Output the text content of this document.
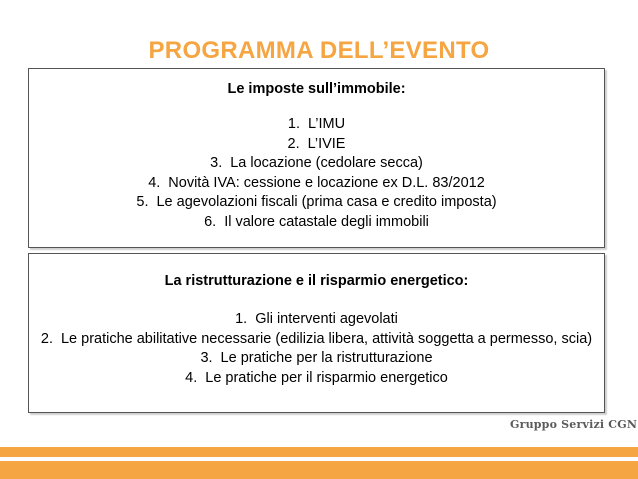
PROGRAMMA DELL’EVENTO
Le imposte sull’immobile:
1. L’IMU
2. L’IVIE
3. La locazione (cedolare secca)
4. Novità IVA: cessione e locazione ex D.L. 83/2012
5. Le agevolazioni fiscali (prima casa e credito imposta)
6. Il valore catastale degli immobili
La ristrutturazione e il risparmio energetico:
1. Gli interventi agevolati
2. Le pratiche abilitative necessarie (edilizia libera, attività soggetta a permesso, scia)
3. Le pratiche per la ristrutturazione
4. Le pratiche per il risparmio energetico
Gruppo Servizi CGN
